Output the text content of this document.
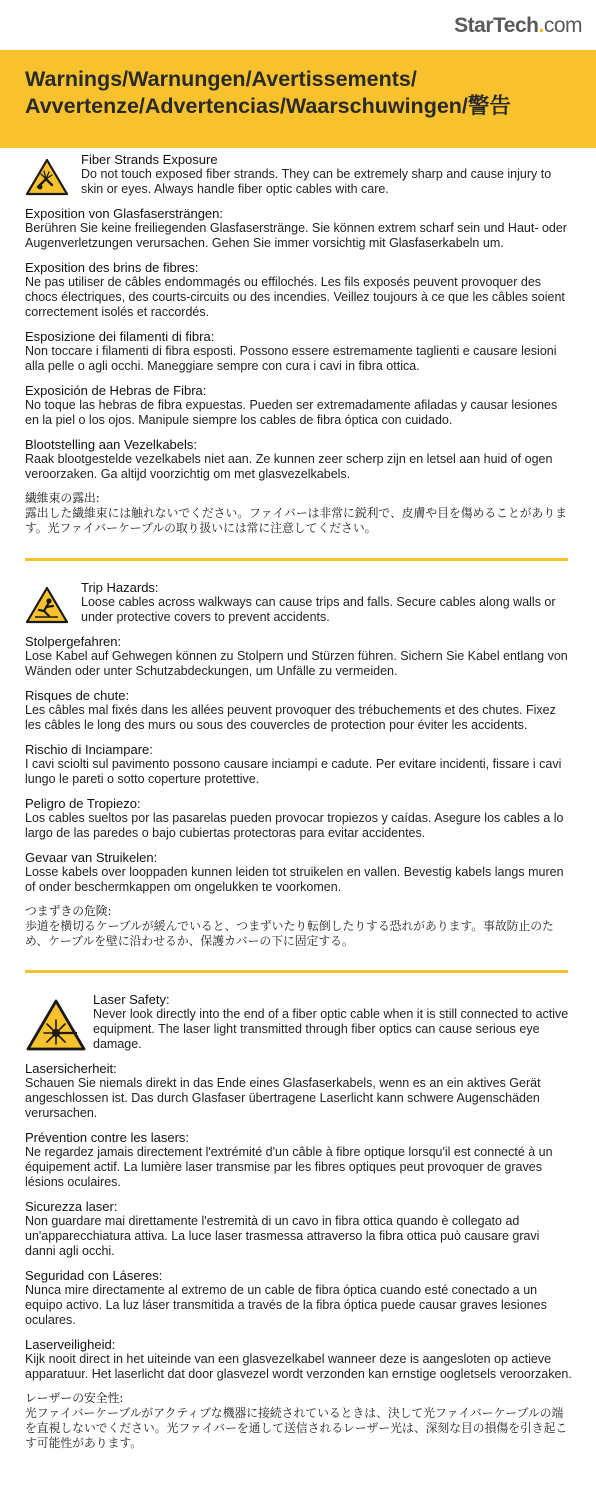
StarTech.com
Warnings/Warnungen/Avertissements/
Avvertenze/Advertencias/Waarschuwingen/警告

Fiber Strands Exposure

Do not touch exposed fiber strands. They can be extremely sharp and cause injury to skin or eyes. Always handle fiber optic cables with care.

Exposition von Glasfasersträngen:

Berühren Sie keine freiliegenden Glasfaserstränge. Sie können extrem scharf sein und Haut- oder Augenverletzungen verursachen. Gehen Sie immer vorsichtig mit Glasfaserkabeln um.

Exposition des brins de fibres:

Ne pas utiliser de câbles endommagés ou effilochés. Les fils exposés peuvent provoquer des chocs électriques, des courts-circuits ou des incendies. Veillez toujours à ce que les câbles soient correctement isolés et raccordés.

Esposizione dei filamenti di fibra:

Non toccare i filamenti di fibra esposti. Possono essere estremamente taglienti e causare lesioni alla pelle o agli occhi. Maneggiare sempre con cura i cavi in fibra ottica.

Exposición de Hebras de Fibra:

No toque las hebras de fibra expuestas. Pueden ser extremadamente afiladas y causar lesiones en la piel o los ojos. Manipule siempre los cables de fibra óptica con cuidado.

Blootstelling aan Vezelkabels:

Raak blootgestelde vezelkabels niet aan. Ze kunnen zeer scherp zijn en letsel aan huid of ogen veroorzaken. Ga altijd voorzichtig om met glasvezelkabels.

繊維束の露出:

露出した繊維束には触れないでください。ファイバーは非常に鋭利で、皮膚や目を傷めることがあります。光ファイバーケーブルの取り扱いには常に注意してください。

Trip Hazards:

Loose cables across walkways can cause trips and falls. Secure cables along walls or under protective covers to prevent accidents.

Stolpergefahren:

Lose Kabel auf Gehwegen können zu Stolpern und Stürzen führen. Sichern Sie Kabel entlang von Wänden oder unter Schutzabdeckungen, um Unfälle zu vermeiden.

Risques de chute:

Les câbles mal fixés dans les allées peuvent provoquer des trébuchements et des chutes. Fixez les câbles le long des murs ou sous des couvercles de protection pour éviter les accidents.

Rischio di Inciampare:

I cavi sciolti sul pavimento possono causare inciampi e cadute. Per evitare incidenti, fissare i cavi lungo le pareti o sotto coperture protettive.

Peligro de Tropiezo:

Los cables sueltos por las pasarelas pueden provocar tropiezos y caídas. Asegure los cables a lo largo de las paredes o bajo cubiertas protectoras para evitar accidentes.

Gevaar van Struikelen:

Losse kabels over looppaden kunnen leiden tot struikelen en vallen. Bevestig kabels langs muren of onder beschermkappen om ongelukken te voorkomen.

つまずきの危険:

歩道を横切るケーブルが緩んでいると、つまずいたり転倒したりする恐れがあります。事故防止のため、ケーブルを壁に沿わせるか、保護カバーの下に固定する。

Laser Safety:

Never look directly into the end of a fiber optic cable when it is still connected to active equipment. The laser light transmitted through fiber optics can cause serious eye damage.

Lasersicherheit:

Schauen Sie niemals direkt in das Ende eines Glasfaserkabels, wenn es an ein aktives Gerät angeschlossen ist. Das durch Glasfaser übertragene Laserlicht kann schwere Augenschäden verursachen.

Prévention contre les lasers:

Ne regardez jamais directement l'extrémité d'un câble à fibre optique lorsqu'il est connecté à un équipement actif. La lumière laser transmise par les fibres optiques peut provoquer de graves lésions oculaires.

Sicurezza laser:

Non guardare mai direttamente l'estremità di un cavo in fibra ottica quando è collegato ad un'apparecchiatura attiva. La luce laser trasmessa attraverso la fibra ottica può causare gravi danni agli occhi.

Seguridad con Láseres:

Nunca mire directamente al extremo de un cable de fibra óptica cuando esté conectado a un equipo activo. La luz láser transmitida a través de la fibra óptica puede causar graves lesiones oculares.

Laserveiligheid:

Kijk nooit direct in het uiteinde van een glasvezelkabel wanneer deze is aangesloten op actieve apparatuur. Het laserlicht dat door glasvezel wordt verzonden kan ernstige oogletsels veroorzaken.

レーザーの安全性:

光ファイバーケーブルがアクティブな機器に接続されているときは、決して光ファイバーケーブルの端を直視しないでください。光ファイバーを通して送信されるレーザー光は、深刻な目の損傷を引き起こす可能性があります。
